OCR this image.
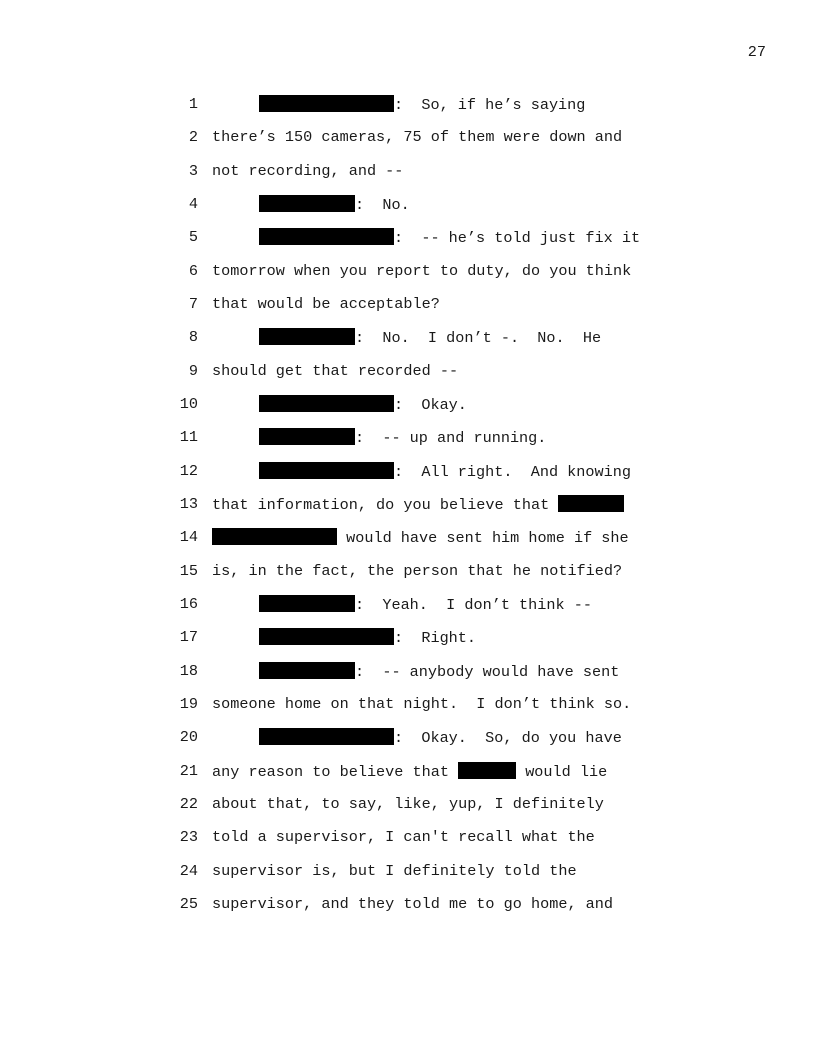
27

1

	:  So, if he’s saying

2

there’s 150 cameras, 75 of them were down and

3

not recording, and --

4

	:  No.

5

	:  -- he’s told just fix it

6

tomorrow when you report to duty, do you think

7

that would be acceptable?

8

	:  No.  I don’t -.  No.  He

9

should get that recorded --

10

	:  Okay.

11

	:  -- up and running.

12

	:  All right.  And knowing

13

that information, do you believe that

14

	would have sent him home if she

15

is, in the fact, the person that he notified?

16

	:  Yeah.  I don’t think --

17

	:  Right.

18

	:  -- anybody would have sent

19

someone home on that night.  I don’t think so.

20

	:  Okay.  So, do you have

21

any reason to believe that	would lie

22

about that, to say, like, yup, I definitely

23

told a supervisor, I can't recall what the

24

supervisor is, but I definitely told the

25

supervisor, and they told me to go home, and
